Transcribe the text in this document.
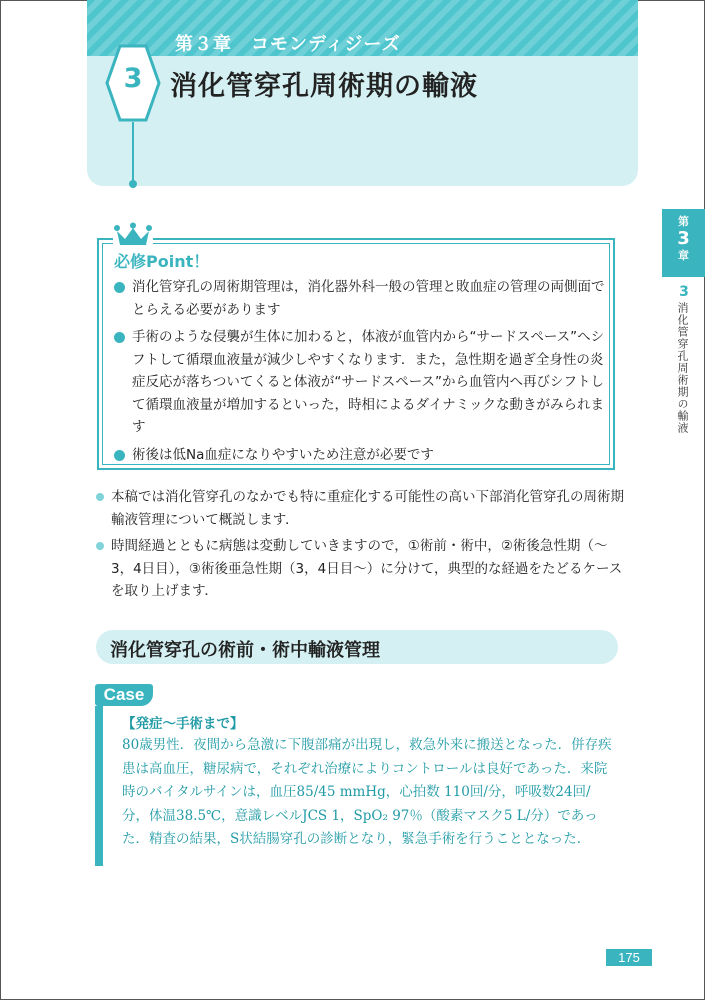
第３章　コモンディジーズ
3	消化管穿孔周術期の輸液
第
3
章
3
消化管穿孔周術期の輸液
必修Point！
消化管穿孔の周術期管理は，消化器外科一般の管理と敗血症の管理の両側面でとらえる必要があります
手術のような侵襲が生体に加わると，体液が血管内から“サードスペース”へシフトして循環血液量が減少しやすくなります．また，急性期を過ぎ全身性の炎症反応が落ちついてくると体液が“サードスペース”から血管内へ再びシフトして循環血液量が増加するといった，時相によるダイナミックな動きがみられます
術後は低Na血症になりやすいため注意が必要です
本稿では消化管穿孔のなかでも特に重症化する可能性の高い下部消化管穿孔の周術期輸液管理について概説します．
時間経過とともに病態は変動していきますので，①術前・術中，②術後急性期（〜3，4日目），③術後亜急性期（3，4日目〜）に分けて，典型的な経過をたどるケースを取り上げます．
消化管穿孔の術前・術中輸液管理
Case
【発症〜手術まで】
80歳男性．夜間から急激に下腹部痛が出現し，救急外来に搬送となった．併存疾患は高血圧，糖尿病で，それぞれ治療によりコントロールは良好であった．来院時のバイタルサインは，血圧85/45 mmHg，心拍数 110回/分，呼吸数24回/分，体温38.5℃，意識レベルJCS 1，SpO₂ 97％（酸素マスク5 L/分）であった．精査の結果，S状結腸穿孔の診断となり，緊急手術を行うこととなった．
175
